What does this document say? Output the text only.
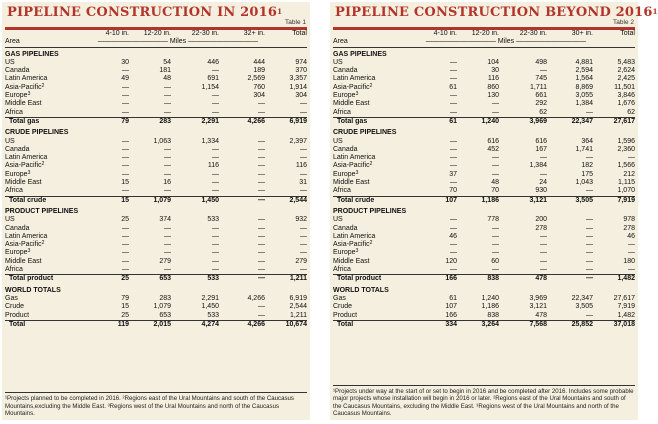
PIPELINE CONSTRUCTION IN 2016$^1$
Table 1
	4-10 in.	12-20 in.	22-30 in.	32+ in.	Total
Area	—————————— Miles ——————————				
GAS PIPELINES					
US	30	54	446	444	974
Canada	—	181	—	189	370
Latin America	49	48	691	2,569	3,357
Asia-Pacific$^2$	—	—	1,154	760	1,914
Europe$^3$	—	—	—	304	304
Middle East	—	—	—	—	—
Africa	—	—	—	—	—
Total gas	79	283	2,291	4,266	6,919
CRUDE PIPELINES					
US	—	1,063	1,334	—	2,397
Canada	—	—	—	—	—
Latin America	—	—	—	—	—
Asia-Pacific$^2$	—	—	116	—	116
Europe$^3$	—	—	—	—	—
Middle East	15	16	—	—	31
Africa	—	—	—	—	—
Total crude	15	1,079	1,450	—	2,544
PRODUCT PIPELINES					
US	25	374	533	—	932
Canada	—	—	—	—	—
Latin America	—	—	—	—	—
Asia-Pacific$^2$	—	—	—	—	—
Europe$^3$	—	—	—	—	—
Middle East	—	279	—	—	279
Africa	—	—	—	—	—
Total product	25	653	533	—	1,211
WORLD TOTALS					
Gas	79	283	2,291	4,266	6,919
Crude	15	1,079	1,450	—	2,544
Product	25	653	533	—	1,211
Total	119	2,015	4,274	4,266	10,674
¹Projects planned to be completed in 2016. ²Regions east of the Ural Mountains and south of the Caucasus Mountains,excluding the Middle East. ³Regions west of the Ural Mountains and north of the Caucasus Mountains.
PIPELINE CONSTRUCTION BEYOND 2016$^1$
Table 2
	4-10 in.	12-20 in.	22-30 in.	30+ in.	Total
Area	—————————— Miles ——————————				
GAS PIPELINES					
US	—	104	498	4,881	5,483
Canada	—	30	—	2,594	2,624
Latin America	—	116	745	1,564	2,425
Asia-Pacific$^2$	61	860	1,711	8,869	11,501
Europe$^3$	—	130	661	3,055	3,846
Middle East	—	—	292	1,384	1,676
Africa	—	—	62	—	62
Total gas	61	1,240	3,969	22,347	27,617
CRUDE PIPELINES					
US	—	616	616	364	1,596
Canada	—	452	167	1,741	2,360
Latin America	—	—	—	—	—
Asia-Pacific$^2$	—	—	1,384	182	1,566
Europe$^3$	37	—	—	175	212
Middle East	—	48	24	1,043	1,115
Africa	70	70	930	—	1,070
Total crude	107	1,186	3,121	3,505	7,919
PRODUCT PIPELINES					
US	—	778	200	—	978
Canada	—	—	278	—	278
Latin America	46	—	—	—	46
Asia-Pacific$^2$	—	—	—	—	—
Europe$^3$	—	—	—	—	—
Middle East	120	60	—	—	180
Africa	—	—	—	—	—
Total product	166	838	478	—	1,482
WORLD TOTALS					
Gas	61	1,240	3,969	22,347	27,617
Crude	107	1,186	3,121	3,505	7,919
Product	166	838	478	—	1,482
Total	334	3,264	7,568	25,852	37,018
¹Projects under way at the start of or set to begin in 2016 and be completed after 2016. Includes some probable major projects whose installation will begin in 2016 or later. ²Regions east of the Ural Mountains and south of the Caucasus Mountains, excluding the Middle East. ³Regions west of the Ural Mountains and north of the Caucasus Mountains.
